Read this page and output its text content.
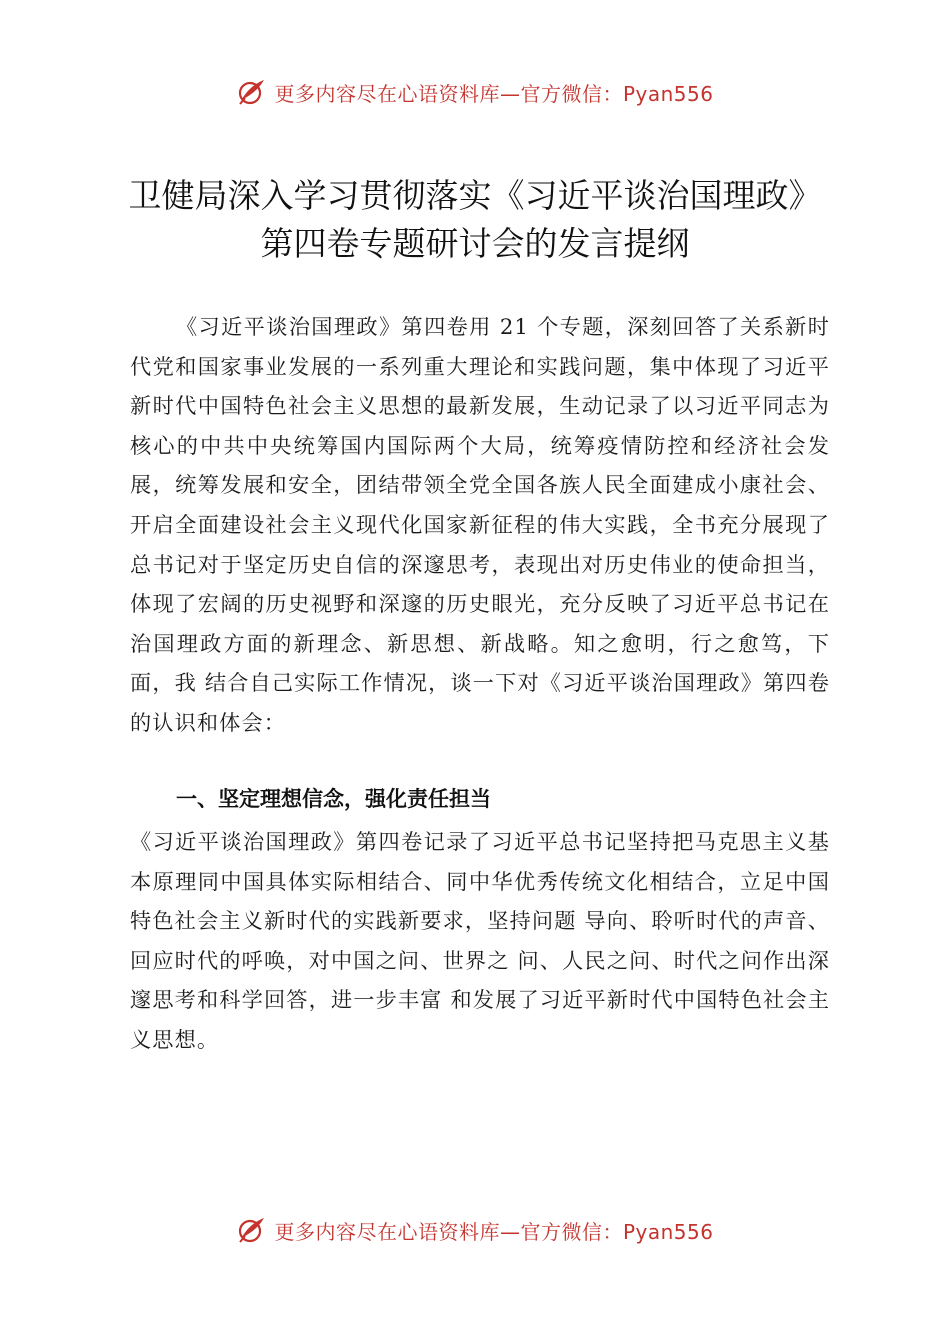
更多内容尽在心语资料库—官方微信：Pyan556
卫健局深入学习贯彻落实《习近平谈治国理政》
第四卷专题研讨会的发言提纲

《习近平谈治国理政》第四卷用 21 个专题，深刻回答了关系新时代党和国家事业发展的一系列重大理论和实践问题，集中体现了习近平新时代中国特色社会主义思想的最新发展，生动记录了以习近平同志为核心的中共中央统筹国内国际两个大局，统筹疫情防控和经济社会发展，统筹发展和安全，团结带领全党全国各族人民全面建成小康社会、开启全面建设社会主义现代化国家新征程的伟大实践，全书充分展现了总书记对于坚定历史自信的深邃思考，表现出对历史伟业的使命担当，体现了宏阔的历史视野和深邃的历史眼光，充分反映了习近平总书记在治国理政方面的新理念、新思想、新战略。知之愈明，行之愈笃，下面，我 结合自己实际工作情况，谈一下对《习近平谈治国理政》第四卷的认识和体会：

一、坚定理想信念，强化责任担当

《习近平谈治国理政》第四卷记录了习近平总书记坚持把马克思主义基本原理同中国具体实际相结合、同中华优秀传统文化相结合，立足中国特色社会主义新时代的实践新要求，坚持问题 导向、聆听时代的声音、回应时代的呼唤，对中国之问、世界之 问、人民之问、时代之问作出深邃思考和科学回答，进一步丰富 和发展了习近平新时代中国特色社会主义思想。

更多内容尽在心语资料库—官方微信：Pyan556
